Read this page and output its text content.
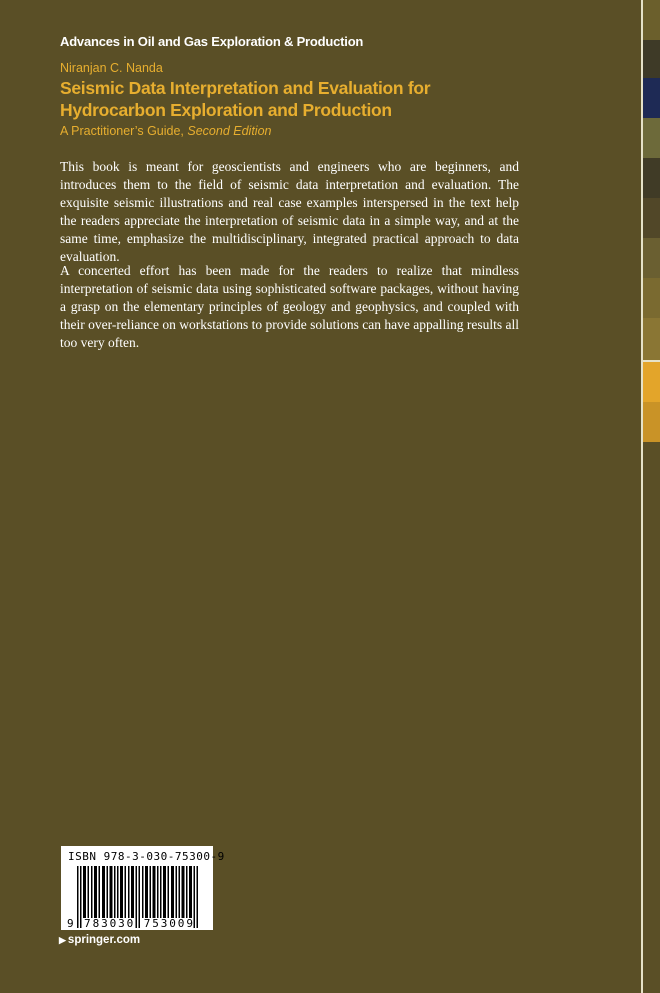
Advances in Oil and Gas Exploration & Production
Niranjan C. Nanda
Seismic Data Interpretation and Evaluation for Hydrocarbon Exploration and Production
A Practitioner’s Guide, Second Edition

This book is meant for geoscientists and engineers who are beginners, and introduces them to the field of seismic data interpretation and evaluation. The exquisite seismic illustrations and real case examples interspersed in the text help the readers appreciate the interpretation of seismic data in a simple way, and at the same time, emphasize the multidisciplinary, integrated practical approach to data evaluation.

A concerted effort has been made for the readers to realize that mindless interpretation of seismic data using sophisticated software packages, without having a grasp on the elementary principles of geology and geophysics, and coupled with their over-reliance on workstations to provide solutions can have appalling results all too very often.

ISBN 978-3-030-75300-9
9 783030 753009
▶ springer.com
